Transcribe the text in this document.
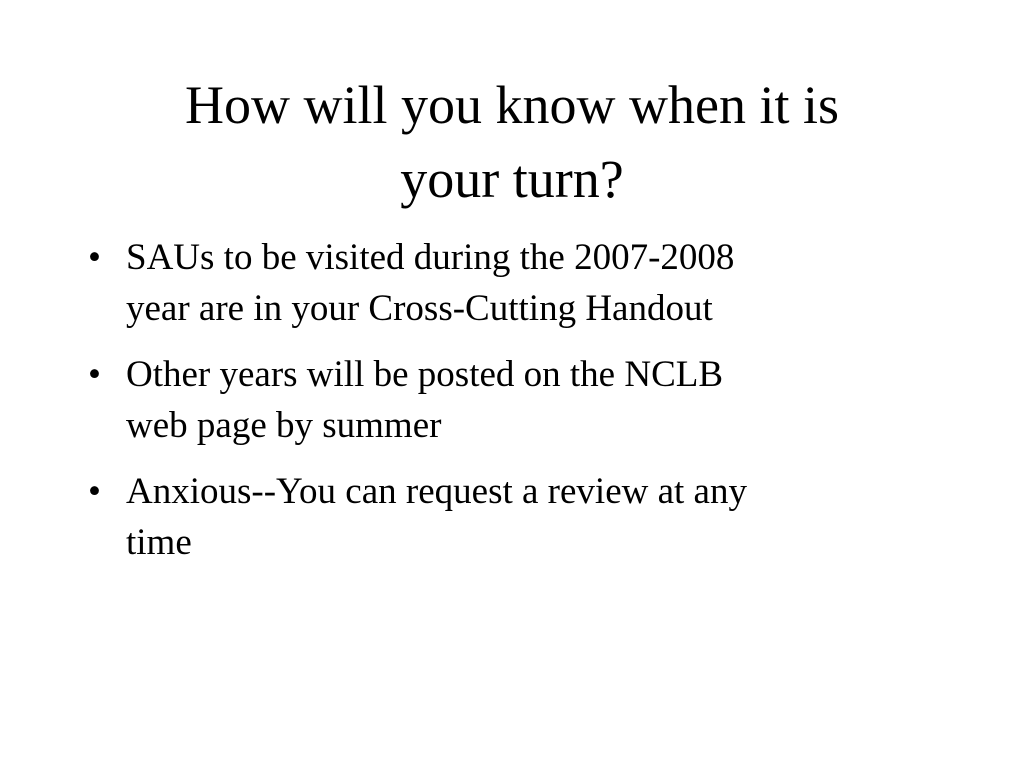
How will you know when it is
your turn?
• SAUs to be visited during the 2007-2008
year are in your Cross-Cutting Handout
• Other years will be posted on the NCLB
web page by summer
• Anxious--You can request a review at any
time
